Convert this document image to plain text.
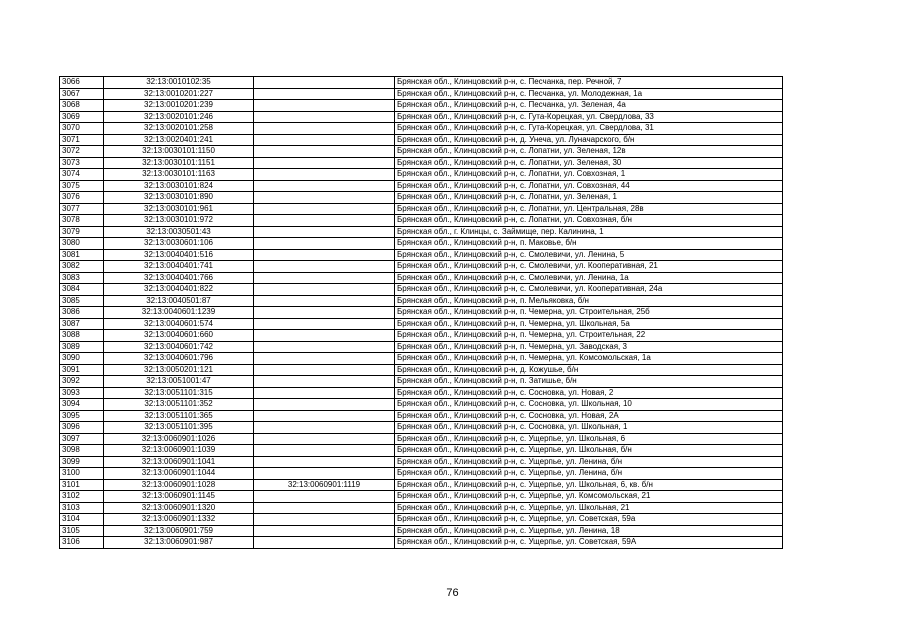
3066	32:13:0010102:35		Брянская обл., Клинцовский р-н, с. Песчанка, пер. Речной, 7
3067	32:13:0010201:227		Брянская обл., Клинцовский р-н, с. Песчанка, ул. Молодежная, 1а
3068	32:13:0010201:239		Брянская обл., Клинцовский р-н, с. Песчанка, ул. Зеленая, 4а
3069	32:13:0020101:246		Брянская обл., Клинцовский р-н, с. Гута-Корецкая, ул. Свердлова, 33
3070	32:13:0020101:258		Брянская обл., Клинцовский р-н, с. Гута-Корецкая, ул. Свердлова, 31
3071	32:13:0020401:241		Брянская обл., Клинцовский р-н, д. Унеча, ул. Луначарского, б/н
3072	32:13:0030101:1150		Брянская обл., Клинцовский р-н, с. Лопатни, ул. Зеленая, 12в
3073	32:13:0030101:1151		Брянская обл., Клинцовский р-н, с. Лопатни, ул. Зеленая, 30
3074	32:13:0030101:1163		Брянская обл., Клинцовский р-н, с. Лопатни, ул. Совхозная, 1
3075	32:13:0030101:824		Брянская обл., Клинцовский р-н, с. Лопатни, ул. Совхозная, 44
3076	32:13:0030101:890		Брянская обл., Клинцовский р-н, с. Лопатни, ул. Зеленая, 1
3077	32:13:0030101:961		Брянская обл., Клинцовский р-н, с. Лопатни, ул. Центральная, 28в
3078	32:13:0030101:972		Брянская обл., Клинцовский р-н, с. Лопатни, ул. Совхозная, б/н
3079	32:13:0030501:43		Брянская обл., г. Клинцы, с. Займище, пер. Калинина, 1
3080	32:13:0030601:106		Брянская обл., Клинцовский р-н, п. Маковье, б/н
3081	32:13:0040401:516		Брянская обл., Клинцовский р-н, с. Смолевичи, ул. Ленина, 5
3082	32:13:0040401:741		Брянская обл., Клинцовский р-н, с. Смолевичи, ул. Кооперативная, 21
3083	32:13:0040401:766		Брянская обл., Клинцовский р-н, с. Смолевичи, ул. Ленина, 1а
3084	32:13:0040401:822		Брянская обл., Клинцовский р-н, с. Смолевичи, ул. Кооперативная, 24а
3085	32:13:0040501:87		Брянская обл., Клинцовский р-н, п. Мельяковка, б/н
3086	32:13:0040601:1239		Брянская обл., Клинцовский р-н, п. Чемерна, ул. Строительная, 25б
3087	32:13:0040601:574		Брянская обл., Клинцовский р-н, п. Чемерна, ул. Школьная, 5а
3088	32:13:0040601:660		Брянская обл., Клинцовский р-н, п. Чемерна, ул. Строительная, 22
3089	32:13:0040601:742		Брянская обл., Клинцовский р-н, п. Чемерна, ул. Заводская, 3
3090	32:13:0040601:796		Брянская обл., Клинцовский р-н, п. Чемерна, ул. Комсомольская, 1а
3091	32:13:0050201:121		Брянская обл., Клинцовский р-н, д. Кожушье, б/н
3092	32:13:0051001:47		Брянская обл., Клинцовский р-н, п. Затишье, б/н
3093	32:13:0051101:315		Брянская обл., Клинцовский р-н, с. Сосновка, ул. Новая, 2
3094	32:13:0051101:352		Брянская обл., Клинцовский р-н, с. Сосновка, ул. Школьная, 10
3095	32:13:0051101:365		Брянская обл., Клинцовский р-н, с. Сосновка, ул. Новая, 2А
3096	32:13:0051101:395		Брянская обл., Клинцовский р-н, с. Сосновка, ул. Школьная, 1
3097	32:13:0060901:1026		Брянская обл., Клинцовский р-н, с. Ущерпье, ул. Школьная, 6
3098	32:13:0060901:1039		Брянская обл., Клинцовский р-н, с. Ущерпье, ул. Школьная, б/н
3099	32:13:0060901:1041		Брянская обл., Клинцовский р-н, с. Ущерпье, ул. Ленина, б/н
3100	32:13:0060901:1044		Брянская обл., Клинцовский р-н, с. Ущерпье, ул. Ленина, б/н
3101	32:13:0060901:1028	32:13:0060901:1119	Брянская обл., Клинцовский р-н, с. Ущерпье, ул. Школьная, 6, кв. б/н
3102	32:13:0060901:1145		Брянская обл., Клинцовский р-н, с. Ущерпье, ул. Комсомольская, 21
3103	32:13:0060901:1320		Брянская обл., Клинцовский р-н, с. Ущерпье, ул. Школьная, 21
3104	32:13:0060901:1332		Брянская обл., Клинцовский р-н, с. Ущерпье, ул. Советская, 59а
3105	32:13:0060901:759		Брянская обл., Клинцовский р-н, с. Ущерпье, ул. Ленина, 18
3106	32:13:0060901:987		Брянская обл., Клинцовский р-н, с. Ущерпье, ул. Советская, 59А
76
